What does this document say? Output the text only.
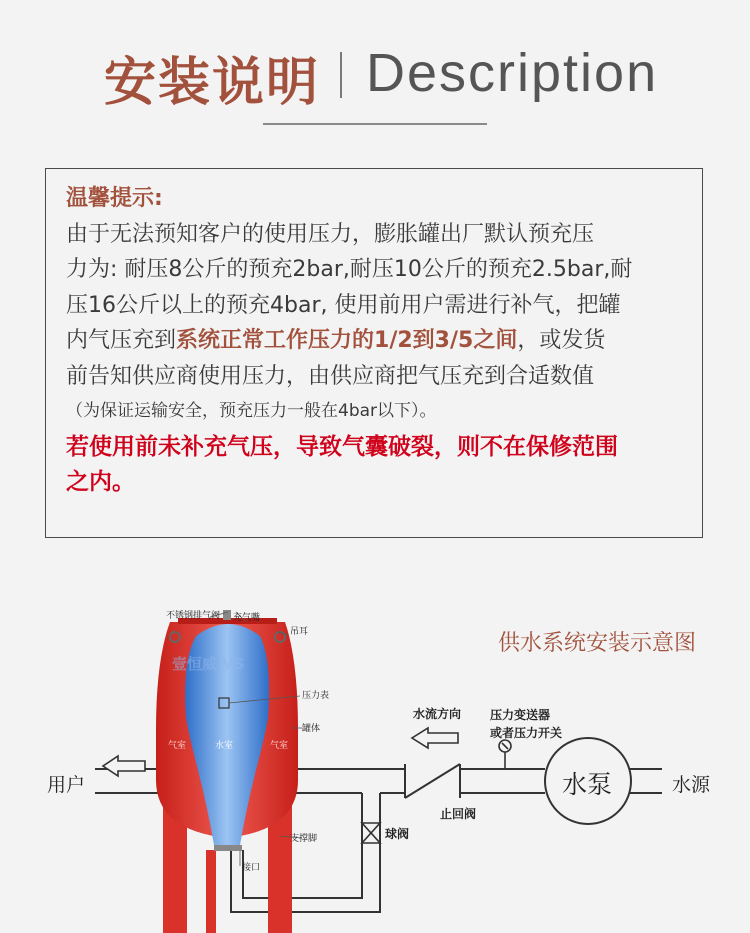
安装说明 Description
温馨提示:
由于无法预知客户的使用压力，膨胀罐出厂默认预充压
力为: 耐压8公斤的预充2bar,耐压10公斤的预充2.5bar,耐
压16公斤以上的预充4bar, 使用前用户需进行补气，把罐
内气压充到系统正常工作压力的1/2到3/5之间，或发货
前告知供应商使用压力，由供应商把气压充到合适数值
（为保证运输安全，预充压力一般在4bar以下）。
若使用前未补充气压，导致气囊破裂，则不在保修范围
之内。
供水系统安装示意图
不锈钢排气阀 充气嘴
吊耳
压力表
罐体
支撑脚
接口
气室	气室
水室
壹恒威 VS
用户	水源
水泵
水流方向
止回阀
球阀
压力变送器
或者压力开关
